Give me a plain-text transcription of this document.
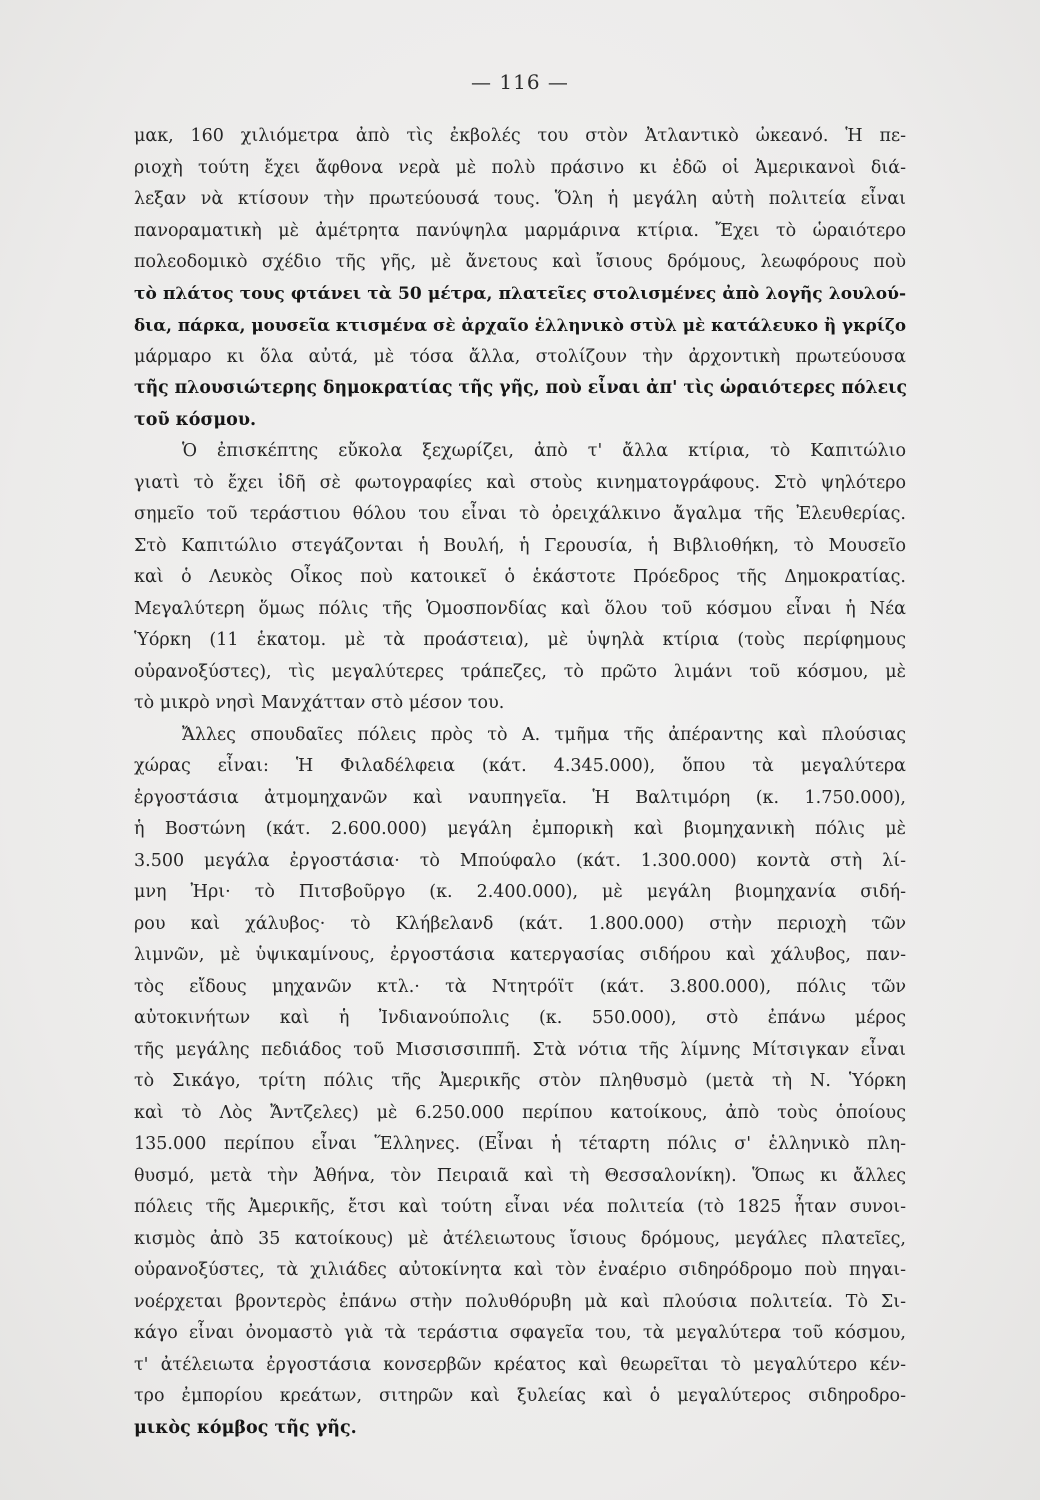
— 116 —
μακ, 160 χιλιόμετρα ἀπὸ τὶς ἐκβολές του στὸν Ἀτλαντικὸ ὠκεανό. Ἡ πε-
ριοχὴ τούτη ἔχει ἄφθονα νερὰ μὲ πολὺ πράσινο κι ἐδῶ οἱ Ἀμερικανοὶ διά-
λεξαν νὰ κτίσουν τὴν πρωτεύουσά τους. Ὅλη ἡ μεγάλη αὐτὴ πολιτεία εἶναι
πανοραματικὴ μὲ ἀμέτρητα πανύψηλα μαρμάρινα κτίρια. Ἔχει τὸ ὡραιότερο
πολεοδομικὸ σχέδιο τῆς γῆς, μὲ ἄνετους καὶ ἴσιους δρόμους, λεωφόρους ποὺ
τὸ πλάτος τους φτάνει τὰ 50 μέτρα, πλατεῖες στολισμένες ἀπὸ λογῆς λουλού-
δια, πάρκα, μουσεῖα κτισμένα σὲ ἀρχαῖο ἑλληνικὸ στὺλ μὲ κατάλευκο ἢ γκρίζο
μάρμαρο κι ὅλα αὐτά, μὲ τόσα ἄλλα, στολίζουν τὴν ἀρχοντικὴ πρωτεύουσα
τῆς πλουσιώτερης δημοκρατίας τῆς γῆς, ποὺ εἶναι ἀπ' τὶς ὡραιότερες πόλεις
τοῦ κόσμου.
Ὁ ἐπισκέπτης εὔκολα ξεχωρίζει, ἀπὸ τ' ἄλλα κτίρια, τὸ Καπιτώλιο
γιατὶ τὸ ἔχει ἰδῆ σὲ φωτογραφίες καὶ στοὺς κινηματογράφους. Στὸ ψηλότερο
σημεῖο τοῦ τεράστιου θόλου του εἶναι τὸ ὀρειχάλκινο ἄγαλμα τῆς Ἐλευθερίας.
Στὸ Καπιτώλιο στεγάζονται ἡ Βουλή, ἡ Γερουσία, ἡ Βιβλιοθήκη, τὸ Μουσεῖο
καὶ ὁ Λευκὸς Οἶκος ποὺ κατοικεῖ ὁ ἑκάστοτε Πρόεδρος τῆς Δημοκρατίας.
Μεγαλύτερη ὅμως πόλις τῆς Ὁμοσπονδίας καὶ ὅλου τοῦ κόσμου εἶναι ἡ Νέα
Ὑόρκη (11 ἑκατομ. μὲ τὰ προάστεια), μὲ ὑψηλὰ κτίρια (τοὺς περίφημους
οὐρανοξύστες), τὶς μεγαλύτερες τράπεζες, τὸ πρῶτο λιμάνι τοῦ κόσμου, μὲ
τὸ μικρὸ νησὶ Μανχάτταν στὸ μέσον του.
Ἄλλες σπουδαῖες πόλεις πρὸς τὸ Α. τμῆμα τῆς ἀπέραντης καὶ πλούσιας
χώρας εἶναι: Ἡ Φιλαδέλφεια (κάτ. 4.345.000), ὅπου τὰ μεγαλύτερα
ἐργοστάσια ἀτμομηχανῶν καὶ ναυπηγεῖα. Ἡ Βαλτιμόρη (κ. 1.750.000),
ἡ Βοστώνη (κάτ. 2.600.000) μεγάλη ἐμπορικὴ καὶ βιομηχανικὴ πόλις μὲ
3.500 μεγάλα ἐργοστάσια· τὸ Μπούφαλο (κάτ. 1.300.000) κοντὰ στὴ λί-
μνη Ἠρι· τὸ Πιτσβοῦργο (κ. 2.400.000), μὲ μεγάλη βιομηχανία σιδή-
ρου καὶ χάλυβος· τὸ Κλήβελανδ (κάτ. 1.800.000) στὴν περιοχὴ τῶν
λιμνῶν, μὲ ὑψικαμίνους, ἐργοστάσια κατεργασίας σιδήρου καὶ χάλυβος, παν-
τὸς εἴδους μηχανῶν κτλ.· τὰ Ντητρόϊτ (κάτ. 3.800.000), πόλις τῶν
αὐτοκινήτων καὶ ἡ Ἰνδιανούπολις (κ. 550.000), στὸ ἐπάνω μέρος
τῆς μεγάλης πεδιάδος τοῦ Μισσισσιππῆ. Στὰ νότια τῆς λίμνης Μίτσιγκαν εἶναι
τὸ Σικάγο, τρίτη πόλις τῆς Ἀμερικῆς στὸν πληθυσμὸ (μετὰ τὴ Ν. Ὑόρκη
καὶ τὸ Λὸς Ἄντζελες) μὲ 6.250.000 περίπου κατοίκους, ἀπὸ τοὺς ὁποίους
135.000 περίπου εἶναι Ἕλληνες. (Εἶναι ἡ τέταρτη πόλις σ' ἑλληνικὸ πλη-
θυσμό, μετὰ τὴν Ἀθήνα, τὸν Πειραιᾶ καὶ τὴ Θεσσαλονίκη). Ὅπως κι ἄλλες
πόλεις τῆς Ἀμερικῆς, ἔτσι καὶ τούτη εἶναι νέα πολιτεία (τὸ 1825 ἦταν συνοι-
κισμὸς ἀπὸ 35 κατοίκους) μὲ ἀτέλειωτους ἴσιους δρόμους, μεγάλες πλατεῖες,
οὐρανοξύστες, τὰ χιλιάδες αὐτοκίνητα καὶ τὸν ἐναέριο σιδηρόδρομο ποὺ πηγαι-
νοέρχεται βροντερὸς ἐπάνω στὴν πολυθόρυβη μὰ καὶ πλούσια πολιτεία. Τὸ Σι-
κάγο εἶναι ὀνομαστὸ γιὰ τὰ τεράστια σφαγεῖα του, τὰ μεγαλύτερα τοῦ κόσμου,
τ' ἀτέλειωτα ἐργοστάσια κονσερβῶν κρέατος καὶ θεωρεῖται τὸ μεγαλύτερο κέν-
τρο ἐμπορίου κρεάτων, σιτηρῶν καὶ ξυλείας καὶ ὁ μεγαλύτερος σιδηροδρο-
μικὸς κόμβος τῆς γῆς.
